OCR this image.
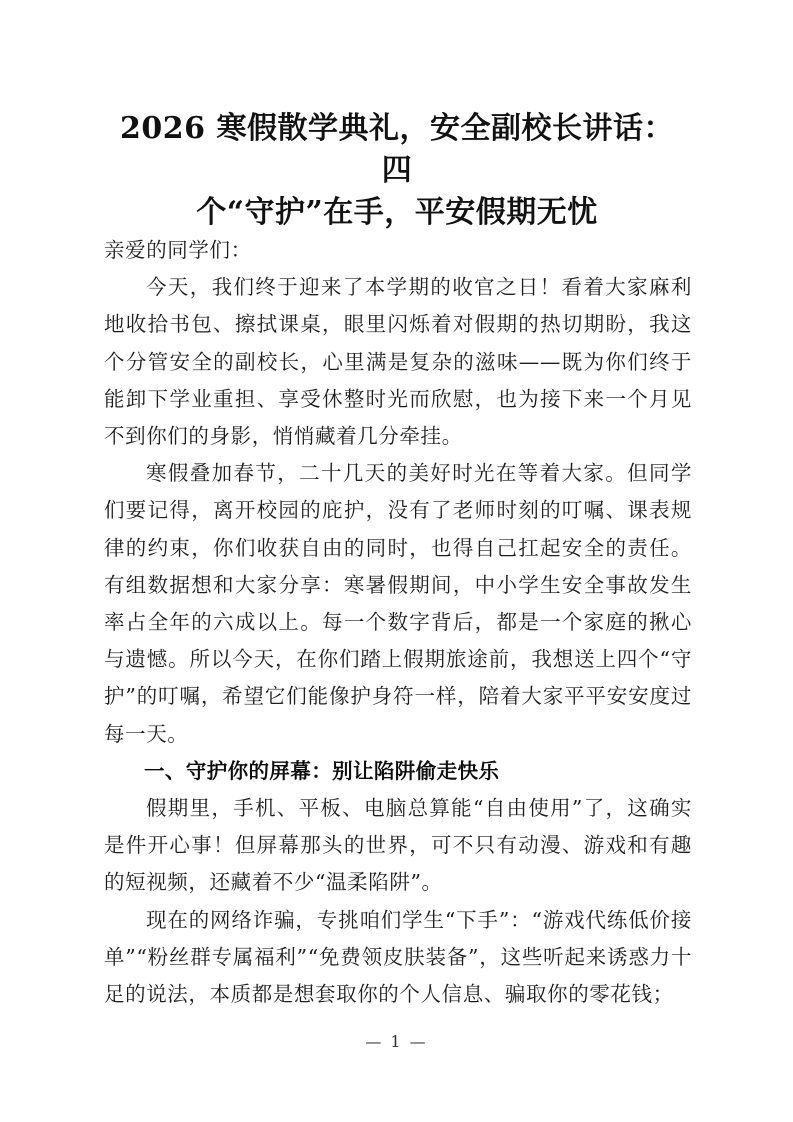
2026 寒假散学典礼，安全副校长讲话：四
个“守护”在手，平安假期无忧

亲爱的同学们：

今天，我们终于迎来了本学期的收官之日！看着大家麻利地收拾书包、擦拭课桌，眼里闪烁着对假期的热切期盼，我这个分管安全的副校长，心里满是复杂的滋味——既为你们终于能卸下学业重担、享受休整时光而欣慰，也为接下来一个月见不到你们的身影，悄悄藏着几分牵挂。

寒假叠加春节，二十几天的美好时光在等着大家。但同学们要记得，离开校园的庇护，没有了老师时刻的叮嘱、课表规律的约束，你们收获自由的同时，也得自己扛起安全的责任。有组数据想和大家分享：寒暑假期间，中小学生安全事故发生率占全年的六成以上。每一个数字背后，都是一个家庭的揪心与遗憾。所以今天，在你们踏上假期旅途前，我想送上四个“守护”的叮嘱，希望它们能像护身符一样，陪着大家平平安安度过每一天。

一、守护你的屏幕：别让陷阱偷走快乐

假期里，手机、平板、电脑总算能“自由使用”了，这确实是件开心事！但屏幕那头的世界，可不只有动漫、游戏和有趣的短视频，还藏着不少“温柔陷阱”。

现在的网络诈骗，专挑咱们学生“下手”：“游戏代练低价接单”“粉丝群专属福利”“免费领皮肤装备”，这些听起来诱惑力十足的说法，本质都是想套取你的个人信息、骗取你的零花钱；

— 1 —
